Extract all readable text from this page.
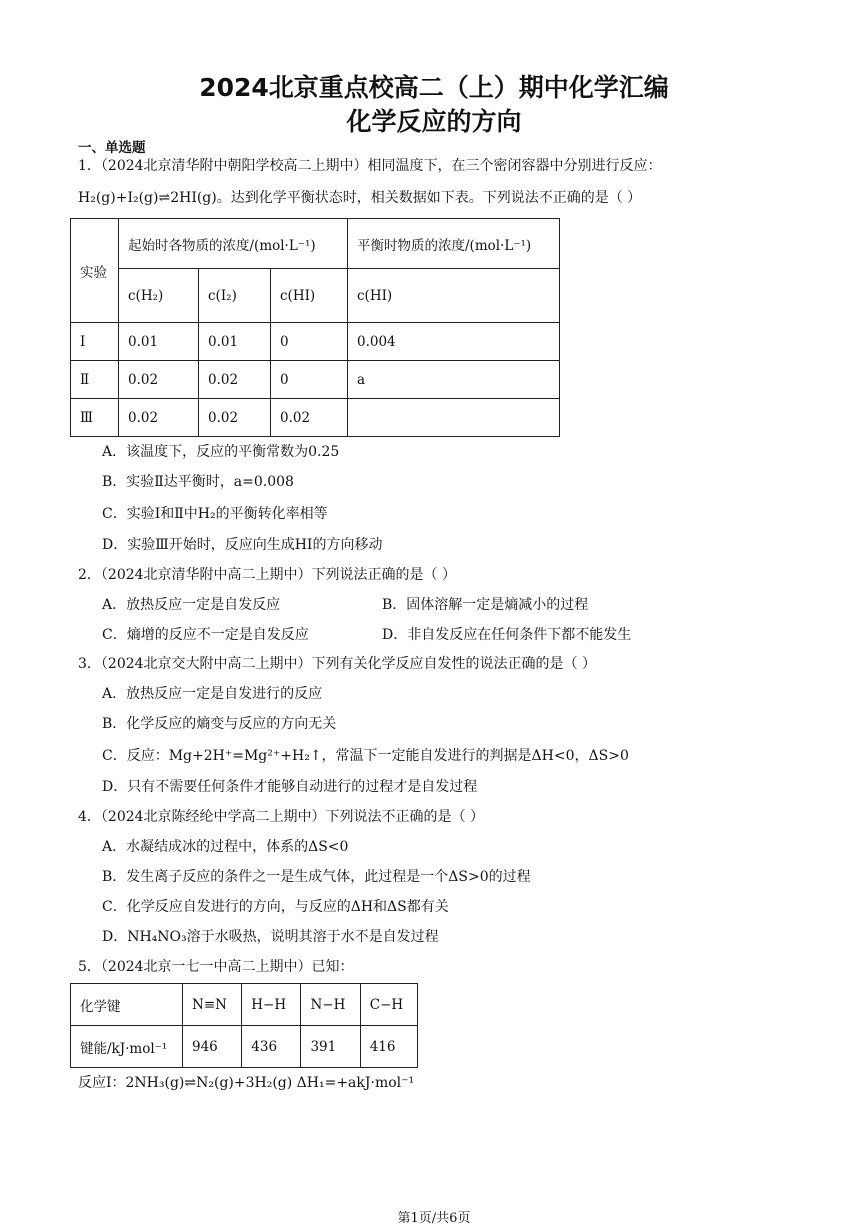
2024北京重点校高二（上）期中化学汇编
化学反应的方向
一、单选题
1．（2024北京清华附中朝阳学校高二上期中）相同温度下，在三个密闭容器中分别进行反应：
H₂(g)+I₂(g)⇌2HI(g)。达到化学平衡状态时，相关数据如下表。下列说法不正确的是（ ）
实验	起始时各物质的浓度/(mol·L⁻¹)			平衡时物质的浓度/(mol·L⁻¹)
	c(H₂)	c(I₂)	c(HI)	c(HI)
Ⅰ	0.01	0.01	0	0.004
Ⅱ	0.02	0.02	0	a
Ⅲ	0.02	0.02	0.02	
A．该温度下，反应的平衡常数为0.25
B．实验Ⅱ达平衡时，a=0.008
C．实验Ⅰ和Ⅱ中H₂的平衡转化率相等
D．实验Ⅲ开始时，反应向生成HI的方向移动
2．（2024北京清华附中高二上期中）下列说法正确的是（ ）
A．放热反应一定是自发反应	B．固体溶解一定是熵减小的过程
C．熵增的反应不一定是自发反应	D．非自发反应在任何条件下都不能发生
3．（2024北京交大附中高二上期中）下列有关化学反应自发性的说法正确的是（ ）
A．放热反应一定是自发进行的反应
B．化学反应的熵变与反应的方向无关
C．反应：Mg+2H⁺=Mg²⁺+H₂↑，常温下一定能自发进行的判据是ΔH<0，ΔS>0
D．只有不需要任何条件才能够自动进行的过程才是自发过程
4．（2024北京陈经纶中学高二上期中）下列说法不正确的是（ ）
A．水凝结成冰的过程中，体系的ΔS<0
B．发生离子反应的条件之一是生成气体，此过程是一个ΔS>0的过程
C．化学反应自发进行的方向，与反应的ΔH和ΔS都有关
D．NH₄NO₃溶于水吸热，说明其溶于水不是自发过程
5．（2024北京一七一中高二上期中）已知：
化学键	N≡N	H−H	N−H	C−H
键能/kJ·mol⁻¹	946	436	391	416
反应Ⅰ：2NH₃(g)⇌N₂(g)+3H₂(g) ΔH₁=+akJ·mol⁻¹
第1页/共6页
